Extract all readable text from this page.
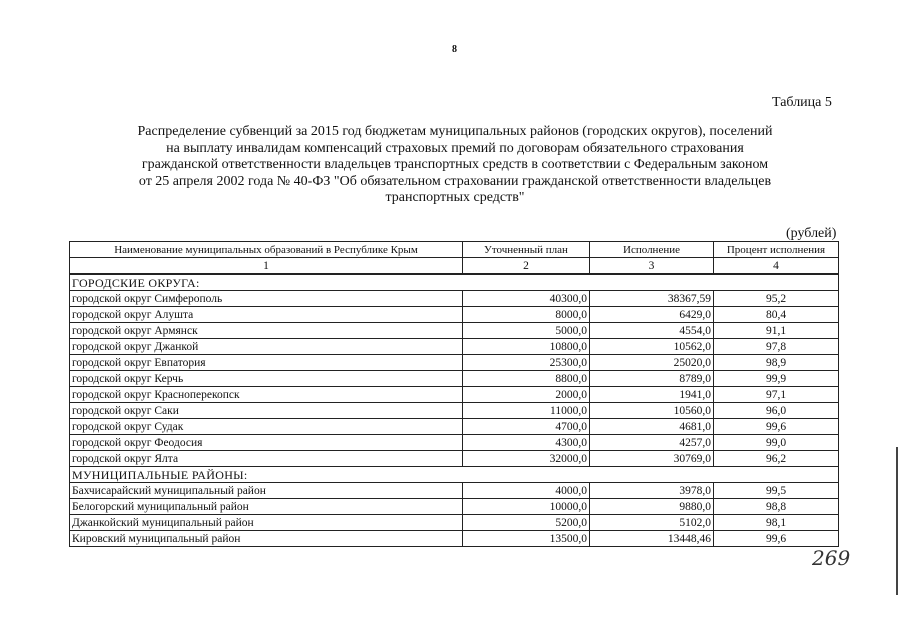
8
Таблица 5
Распределение субвенций за 2015 год бюджетам муниципальных районов (городских округов), поселений
на выплату инвалидам компенсаций страховых премий по договорам обязательного страхования
гражданской ответственности владельцев транспортных средств в соответствии с Федеральным законом
от 25 апреля 2002 года № 40-ФЗ "Об обязательном страховании гражданской ответственности владельцев
транспортных средств"
(рублей)
Наименование муниципальных образований в Республике Крым	Уточненный план	Исполнение	Процент исполнения
1	2	3	4
ГОРОДСКИЕ ОКРУГА:			
городской округ Симферополь	40300,0	38367,59	95,2
городской округ Алушта	8000,0	6429,0	80,4
городской округ Армянск	5000,0	4554,0	91,1
городской округ Джанкой	10800,0	10562,0	97,8
городской округ Евпатория	25300,0	25020,0	98,9
городской округ Керчь	8800,0	8789,0	99,9
городской округ Красноперекопск	2000,0	1941,0	97,1
городской округ Саки	11000,0	10560,0	96,0
городской округ Судак	4700,0	4681,0	99,6
городской округ Феодосия	4300,0	4257,0	99,0
городской округ Ялта	32000,0	30769,0	96,2
МУНИЦИПАЛЬНЫЕ РАЙОНЫ:			
Бахчисарайский муниципальный район	4000,0	3978,0	99,5
Белогорский муниципальный район	10000,0	9880,0	98,8
Джанкойский муниципальный район	5200,0	5102,0	98,1
Кировский муниципальный район	13500,0	13448,46	99,6
269
